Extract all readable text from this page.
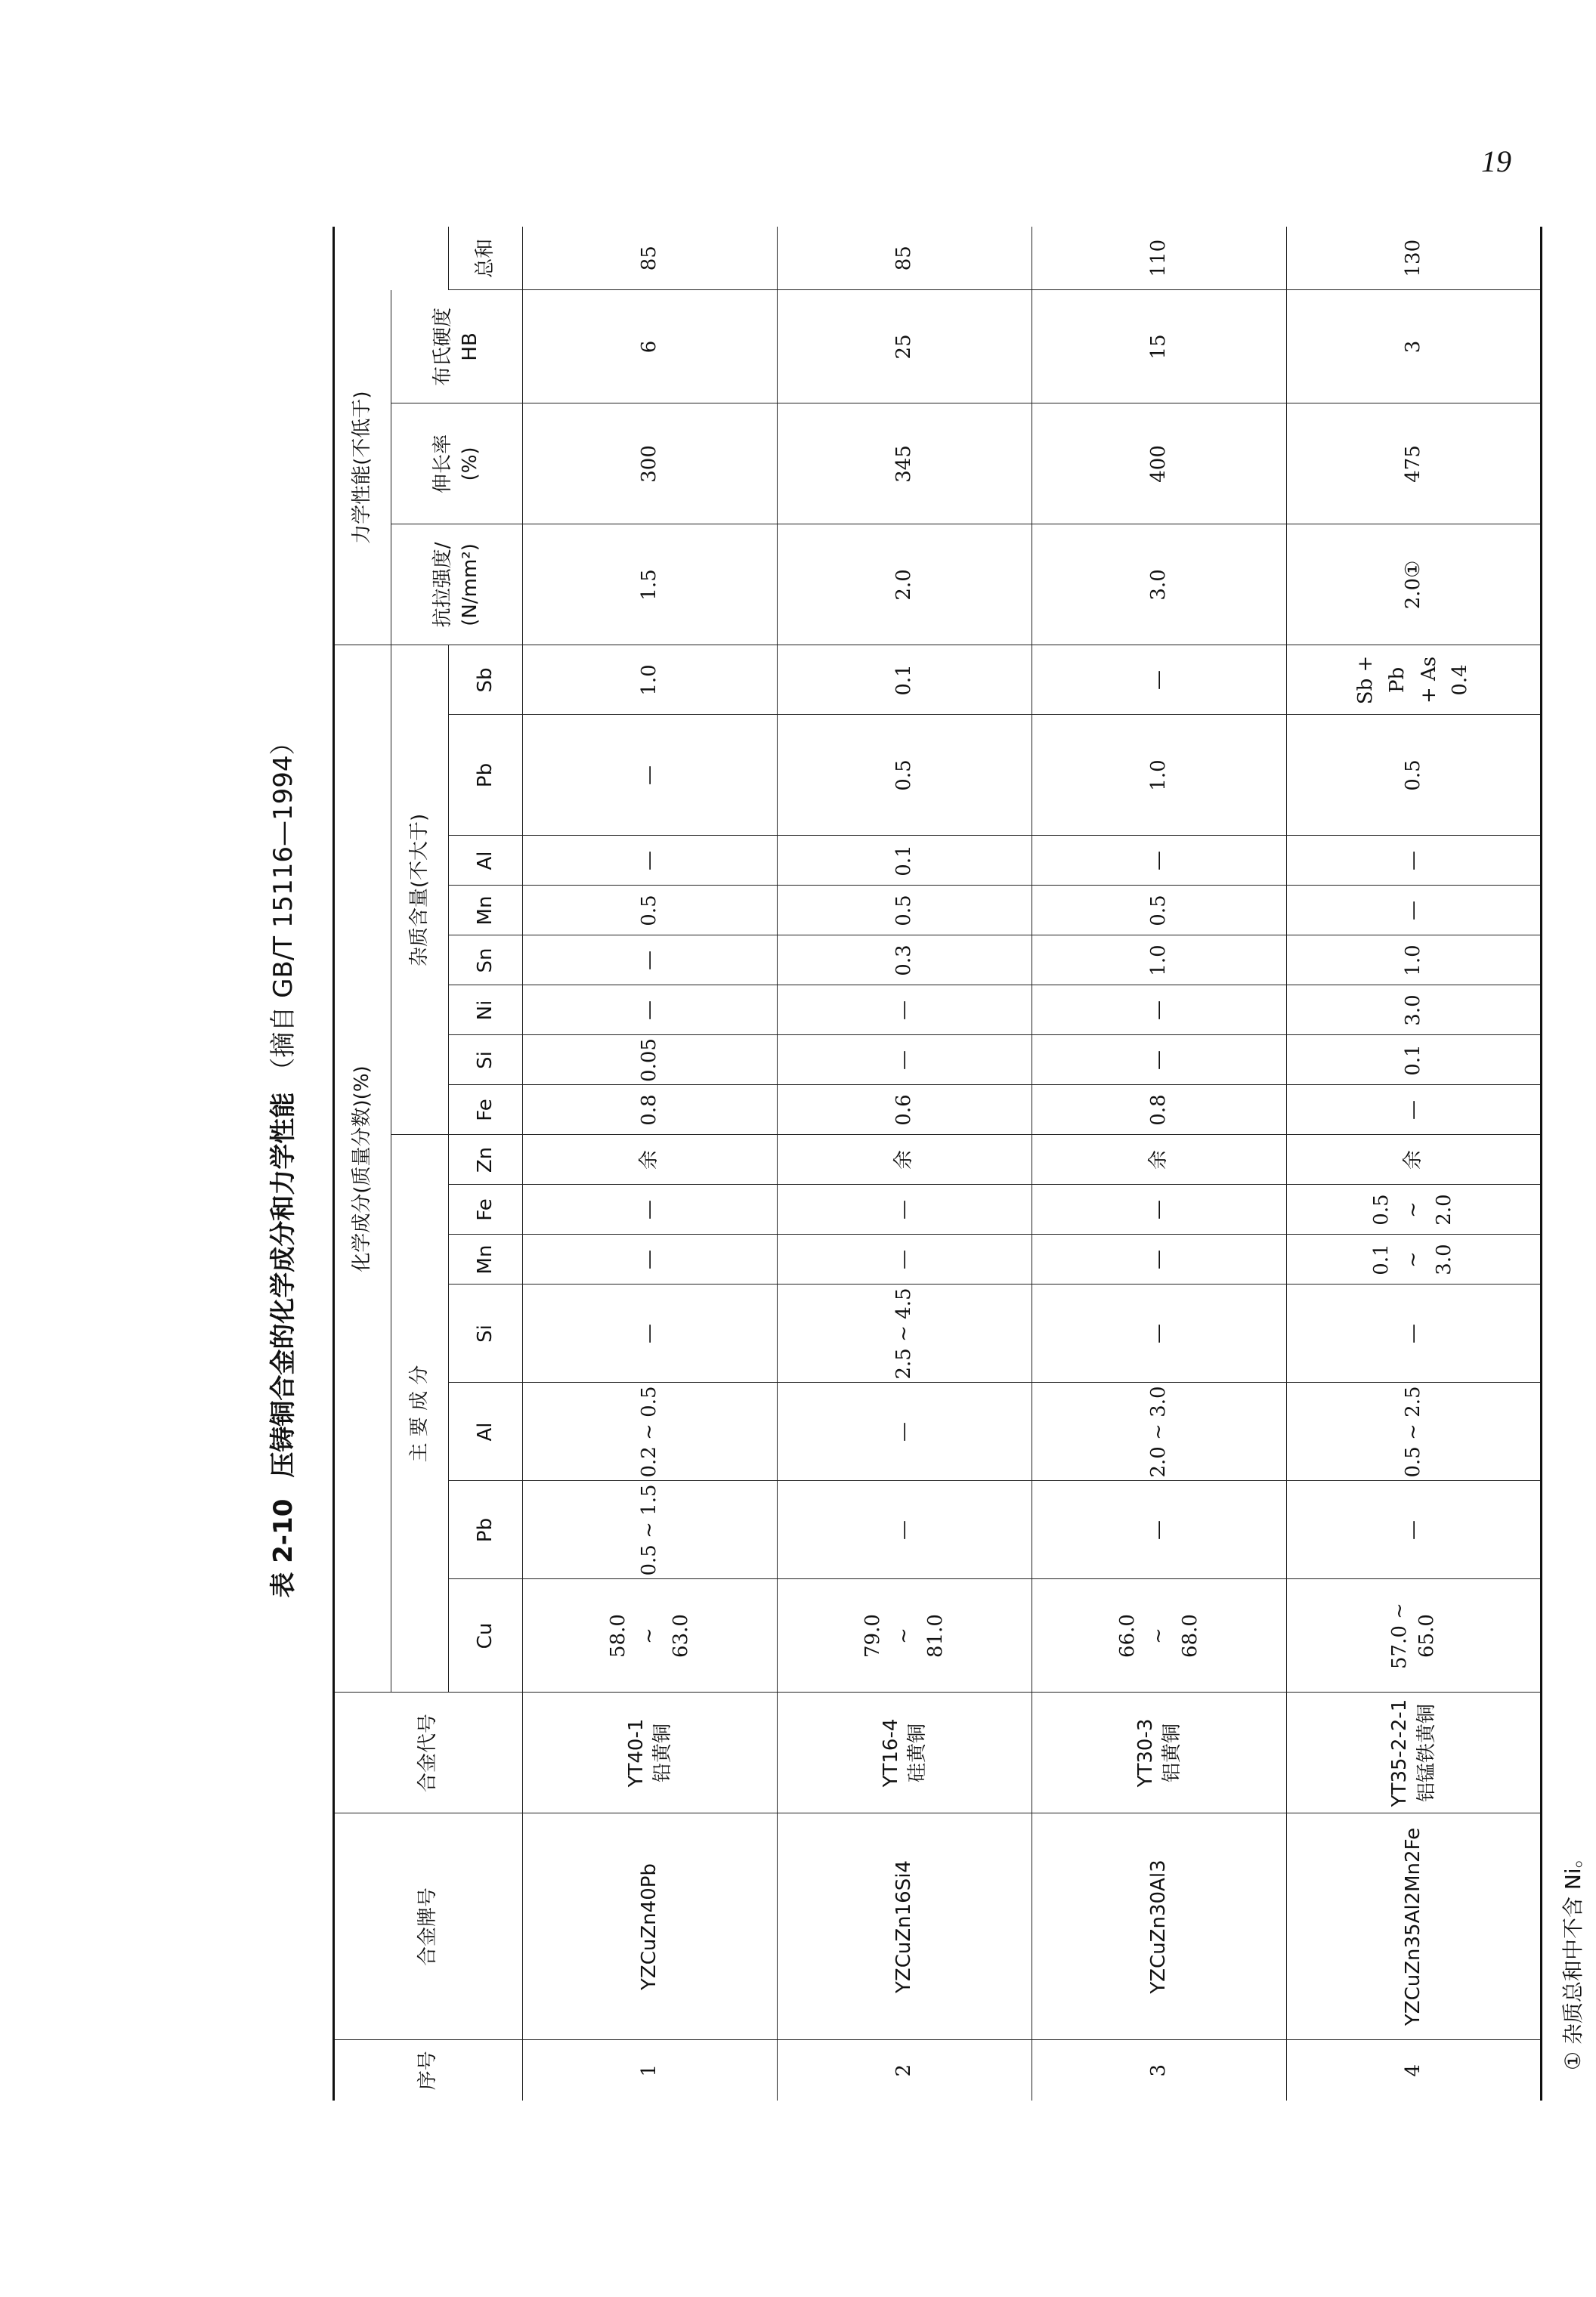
19
表 2-10压铸铜合金的化学成分和力学性能（摘自 GB/T 15116—1994）
序号	合金牌号	合金代号	化学成分(质量分数)(%)															力学性能(不低于)			
			主 要 成 分							杂质含量(不大于)								抗拉强度/ (N/mm²)	伸长率 (%)	布氏硬度 HB	
			Cu	Pb	Al	Si	Mn	Fe	Zn	Fe	Si	Ni	Sn	Mn	Al	Pb	Sb				总和
1	YZCuZn40Pb	YT40-1 铅黄铜	58.0 ~ 63.0	0.5 ~ 1.5	0.2 ~ 0.5	—	—	—	余	0.8	0.05	—	—	0.5	—	—	1.0	1.5	300	6	85
2	YZCuZn16Si4	YT16-4 硅黄铜	79.0 ~ 81.0	—	—	2.5 ~ 4.5	—	—	余	0.6	—	—	0.3	0.5	0.1	0.5	0.1	2.0	345	25	85
3	YZCuZn30Al3	YT30-3 铝黄铜	66.0 ~ 68.0	—	2.0 ~ 3.0	—	—	—	余	0.8	—	—	1.0	0.5	—	1.0	—	3.0	400	15	110
4	YZCuZn35Al2Mn2Fe	YT35-2-2-1 铝锰铁黄铜	57.0 ~ 65.0	—	0.5 ~ 2.5	—	0.1 ~ 3.0	0.5 ~ 2.0	余	—	0.1	3.0	1.0	—	—	0.5	Sb + Pb + As 0.4	2.0①	475	3	130
① 杂质总和中不含 Ni。
